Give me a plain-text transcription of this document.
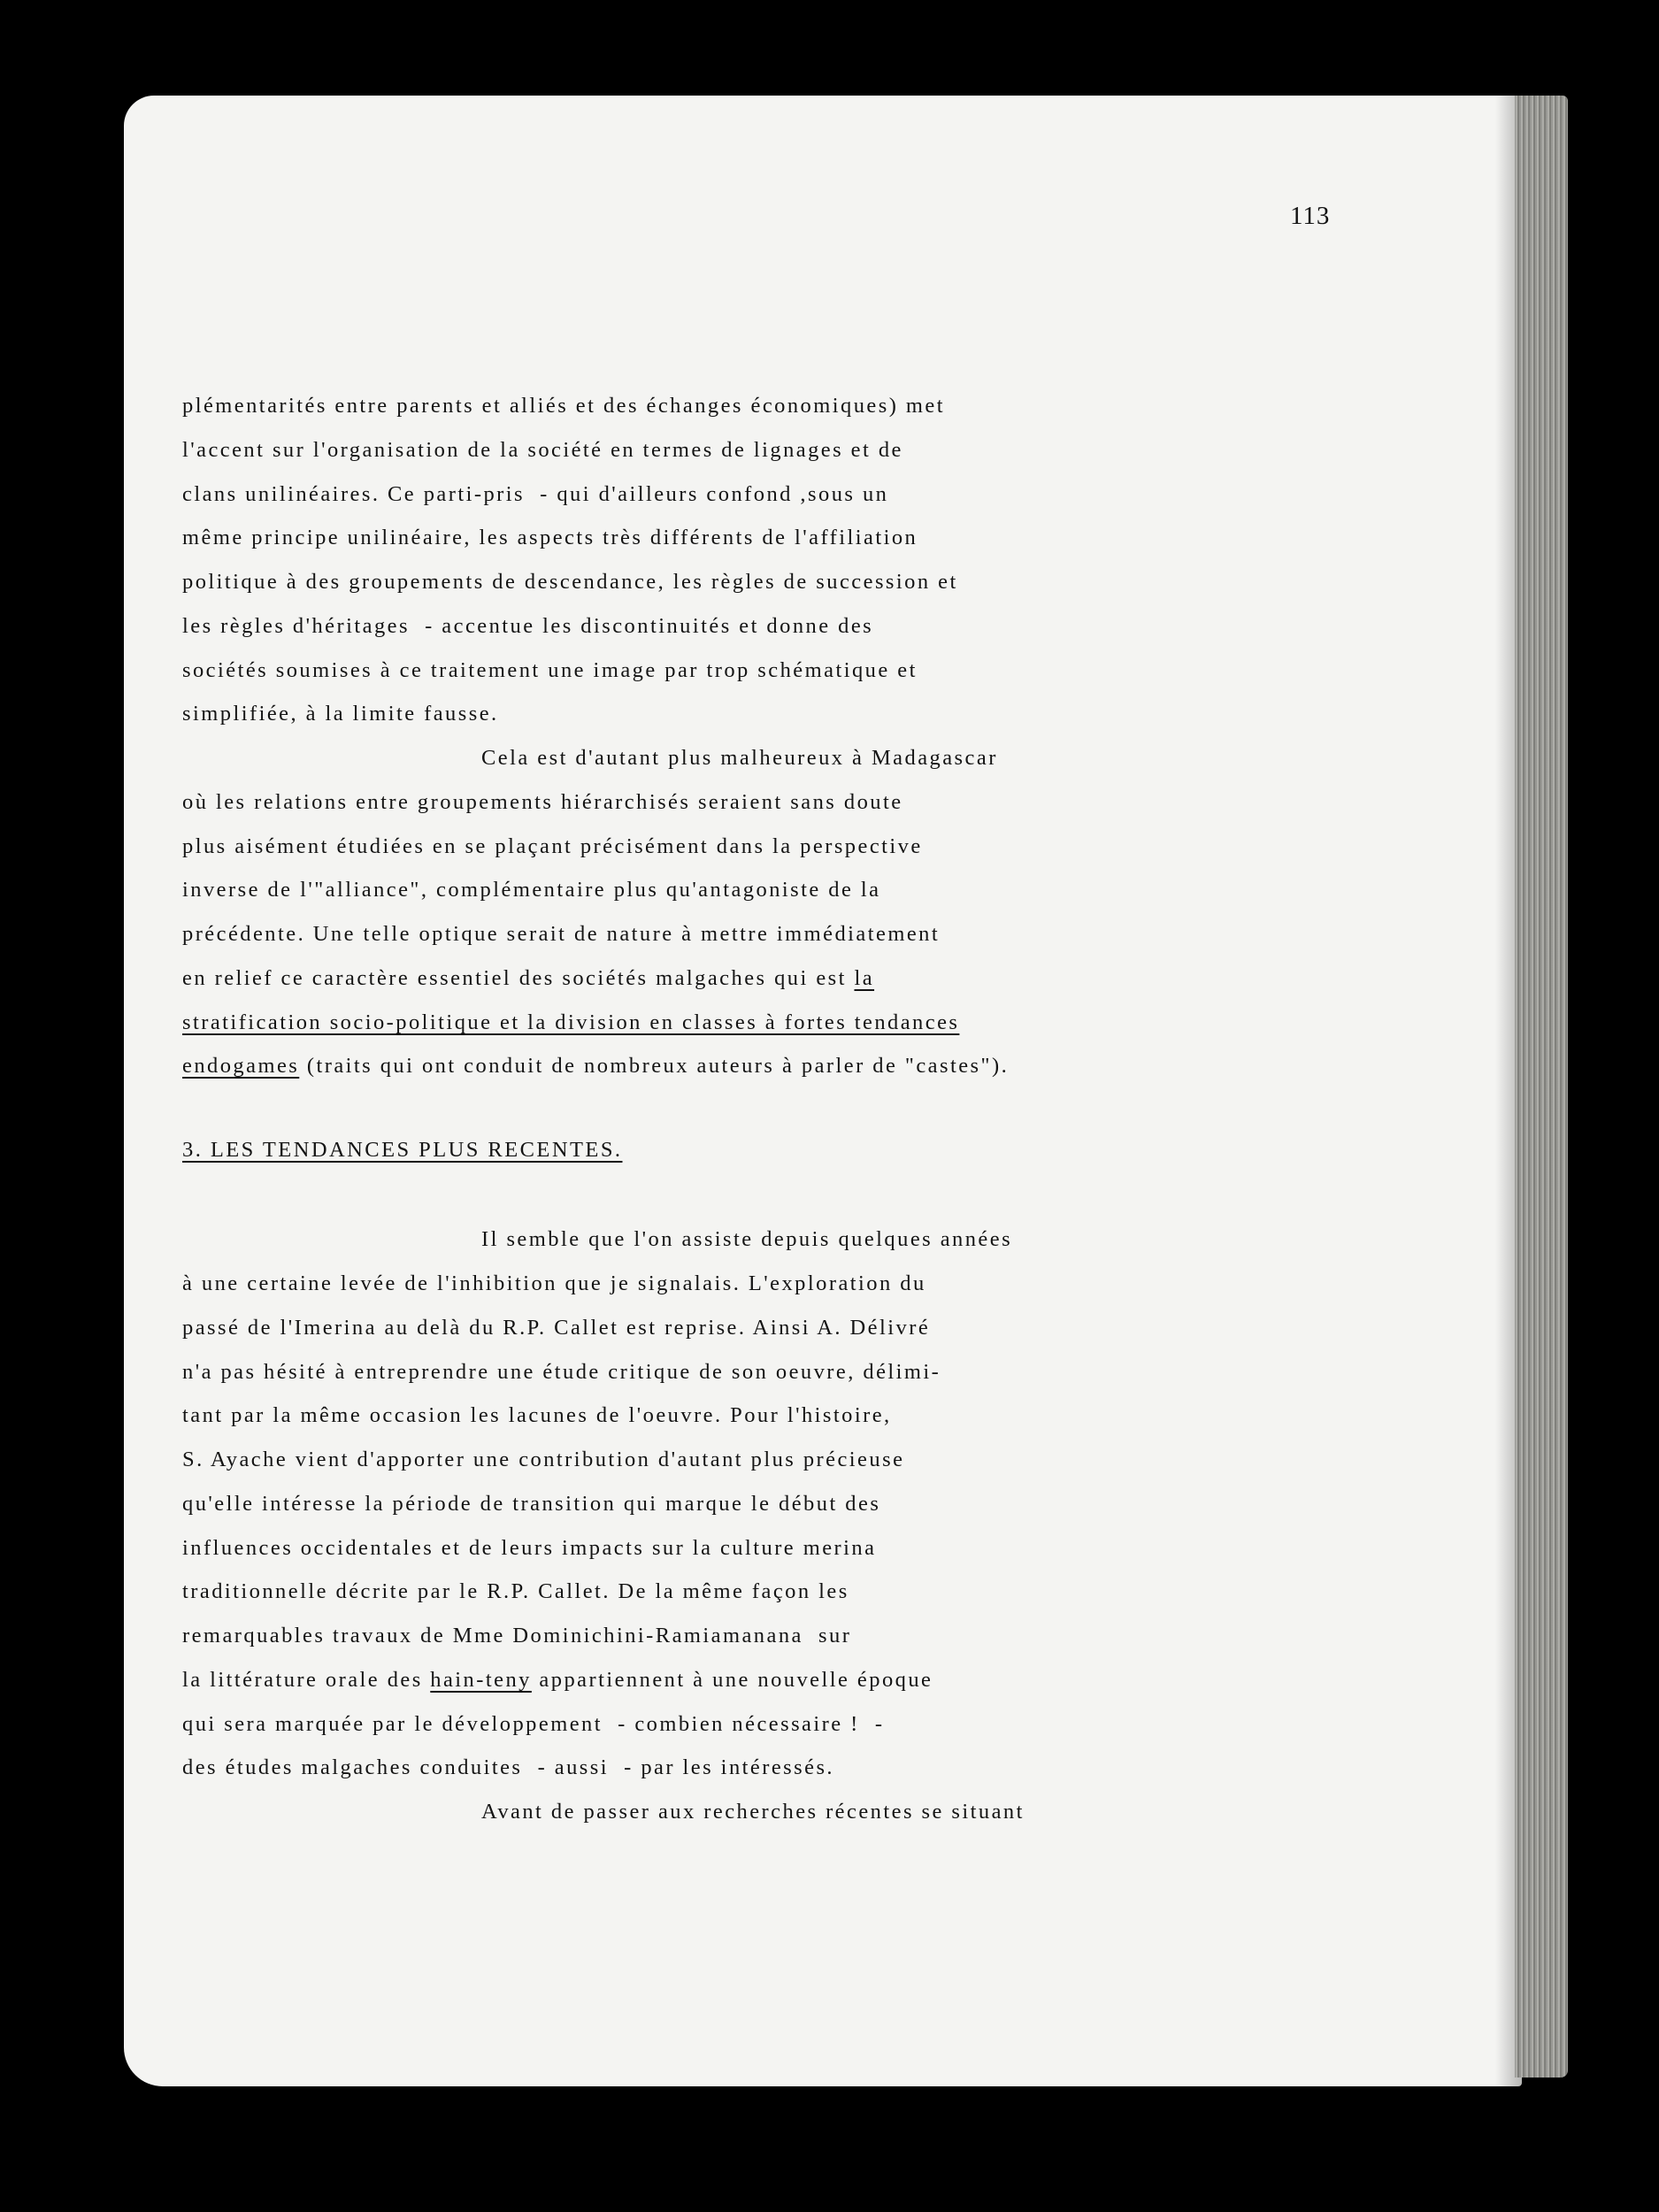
113
plémentarités entre parents et alliés et des échanges économiques) met
l'accent sur l'organisation de la société en termes de lignages et de
clans unilinéaires. Ce parti-pris  - qui d'ailleurs confond ,sous un
même principe unilinéaire, les aspects très différents de l'affiliation
politique à des groupements de descendance, les règles de succession et
les règles d'héritages  - accentue les discontinuités et donne des
sociétés soumises à ce traitement une image par trop schématique et
simplifiée, à la limite fausse.
Cela est d'autant plus malheureux à Madagascar
où les relations entre groupements hiérarchisés seraient sans doute
plus aisément étudiées en se plaçant précisément dans la perspective
inverse de l'"alliance", complémentaire plus qu'antagoniste de la
précédente. Une telle optique serait de nature à mettre immédiatement
en relief ce caractère essentiel des sociétés malgaches qui est la
stratification socio-politique et la division en classes à fortes tendances
endogames (traits qui ont conduit de nombreux auteurs à parler de "castes").
Il semble que l'on assiste depuis quelques années
à une certaine levée de l'inhibition que je signalais. L'exploration du
passé de l'Imerina au delà du R.P. Callet est reprise. Ainsi A. Délivré
n'a pas hésité à entreprendre une étude critique de son oeuvre, délimi-
tant par la même occasion les lacunes de l'oeuvre. Pour l'histoire,
S. Ayache vient d'apporter une contribution d'autant plus précieuse
qu'elle intéresse la période de transition qui marque le début des
influences occidentales et de leurs impacts sur la culture merina
traditionnelle décrite par le R.P. Callet. De la même façon les
remarquables travaux de Mme Dominichini-Ramiamanana  sur
la littérature orale des hain-teny appartiennent à une nouvelle époque
qui sera marquée par le développement  - combien nécessaire !  -
des études malgaches conduites  - aussi  - par les intéressés.
Avant de passer aux recherches récentes se situant
3. LES TENDANCES PLUS RECENTES.
